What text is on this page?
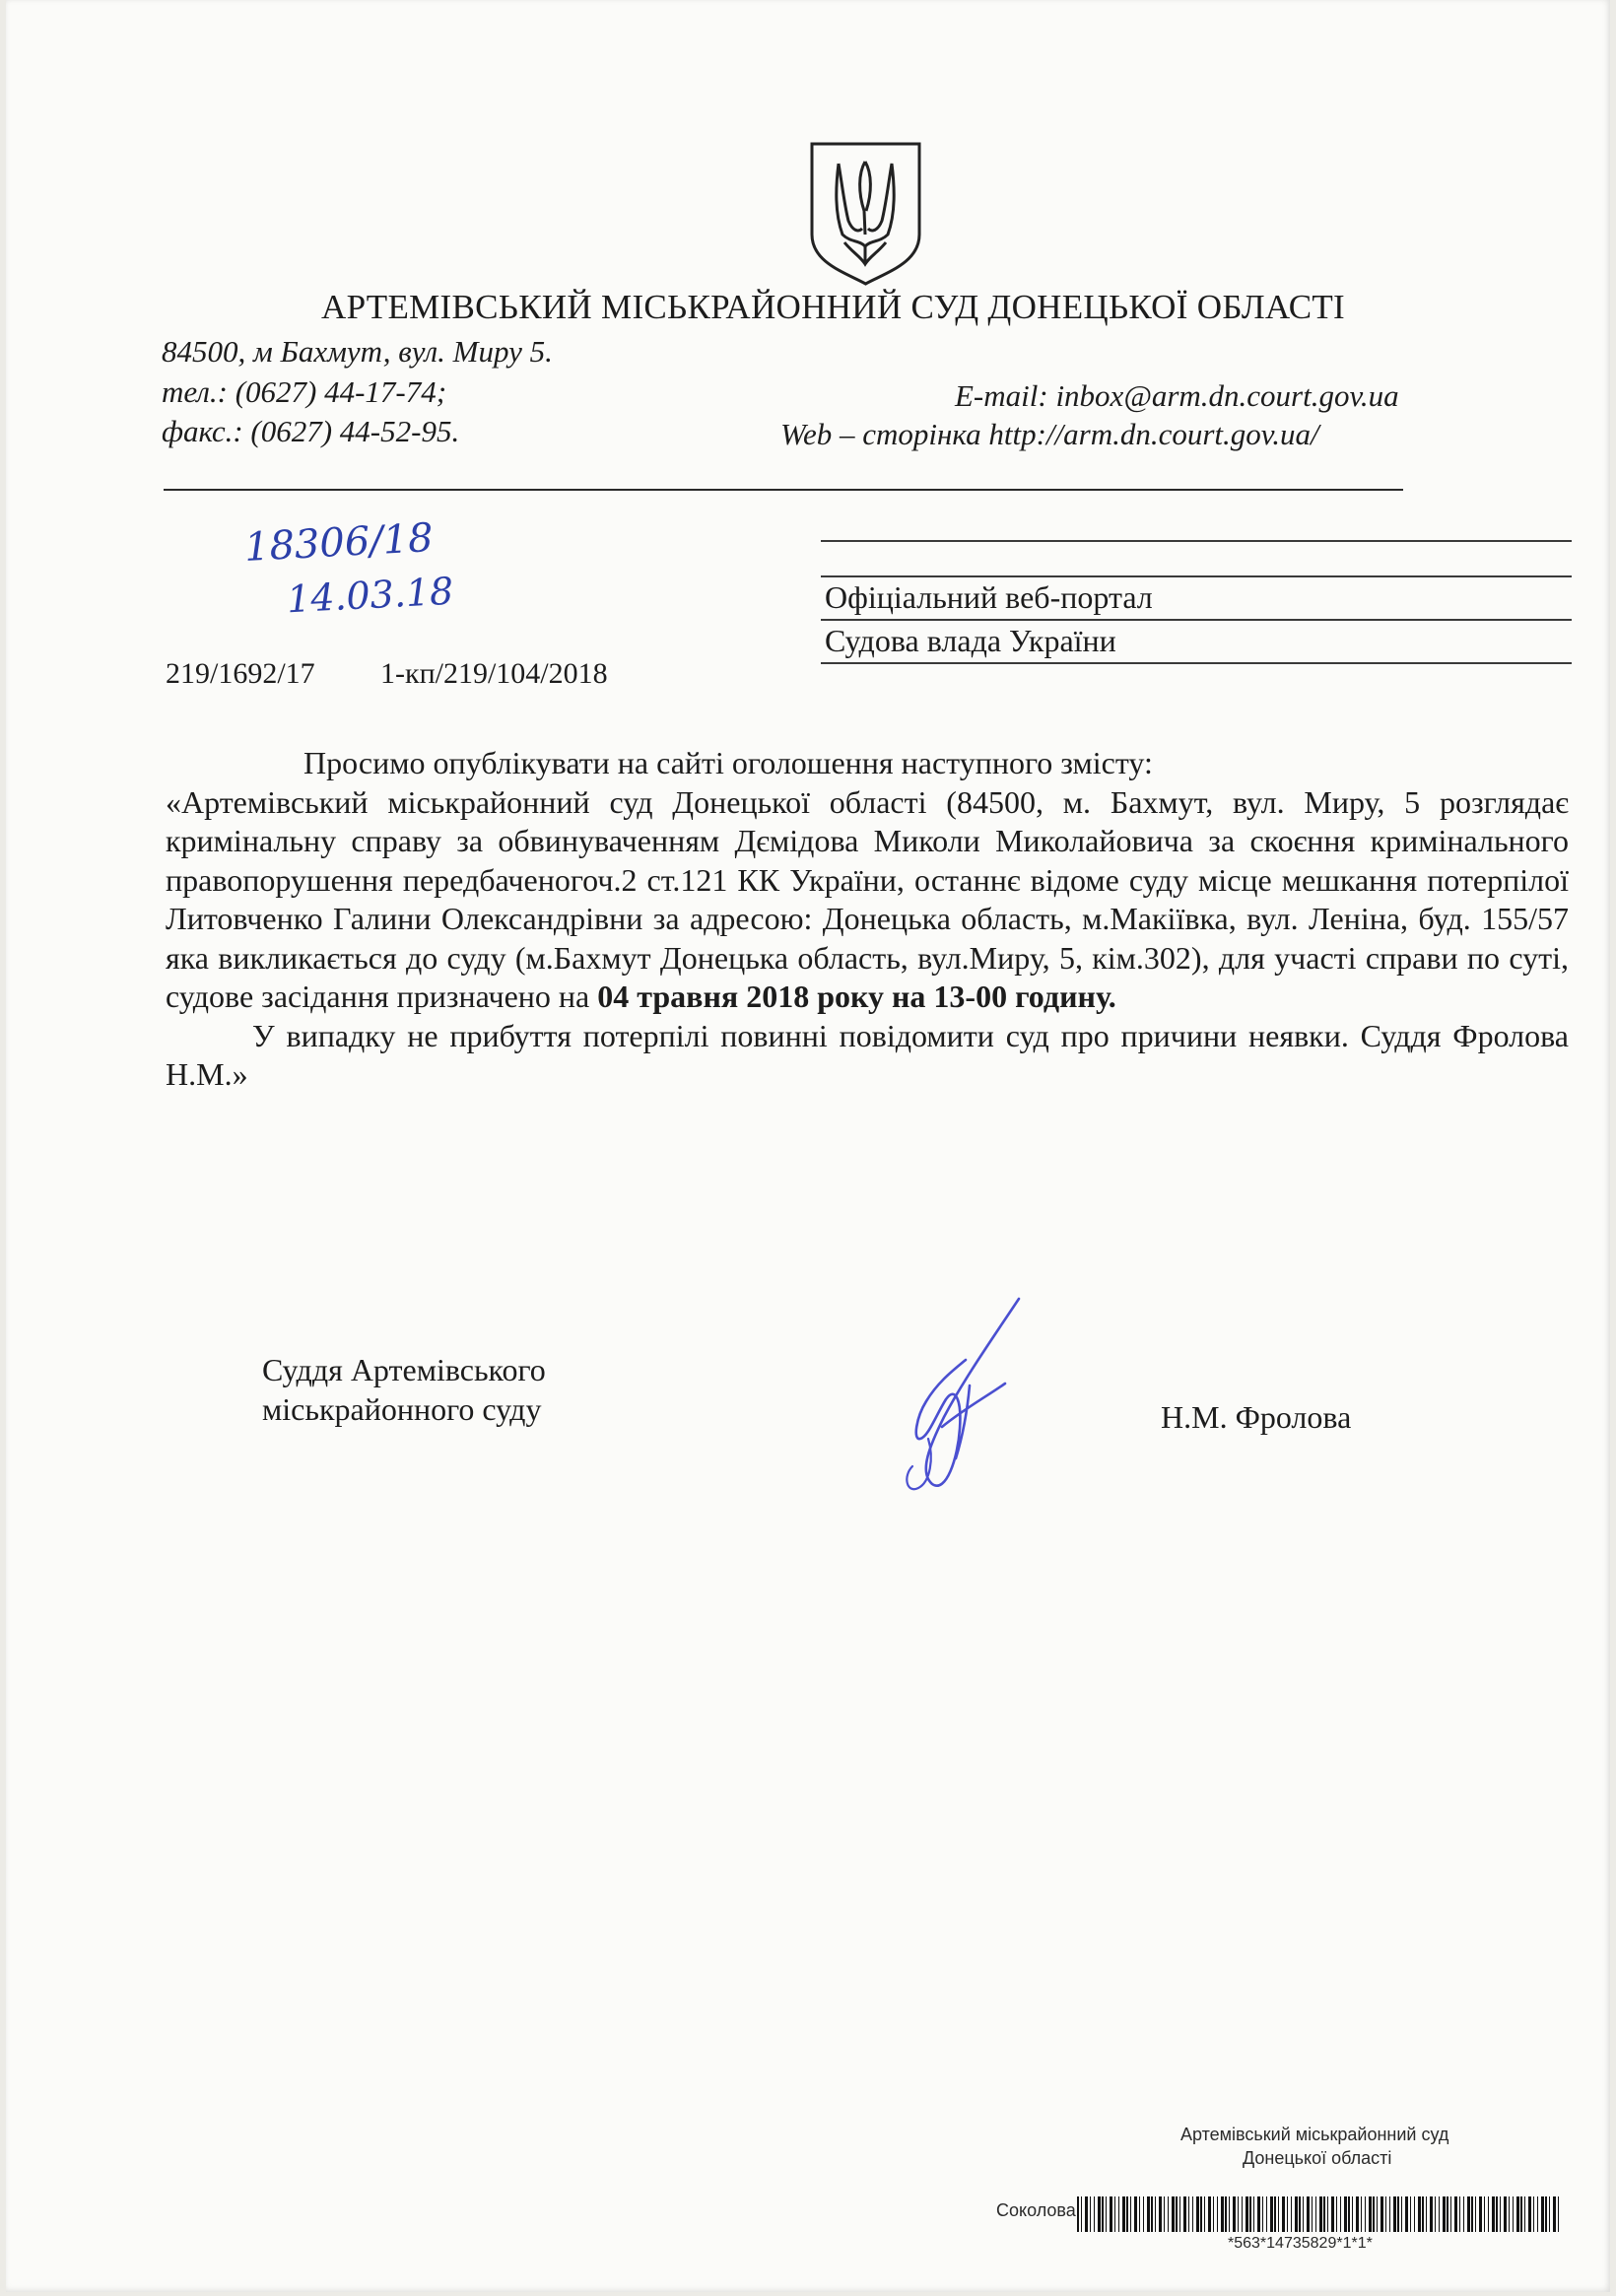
АРТЕМІВСЬКИЙ МІСЬКРАЙОННИЙ СУД ДОНЕЦЬКОЇ ОБЛАСТІ
84500, м Бахмут, вул. Миру 5.
тел.: (0627) 44-17-74;
факс.: (0627) 44-52-95.
E-mail: inbox@arm.dn.court.gov.ua
Web – сторінка http://arm.dn.court.gov.ua/
18306/18
14.03.18	Офіціальний веб-портал
Судова влада України
219/1692/17 1-кп/219/104/2018

Просимо опублікувати на сайті оголошення наступного змісту:

«Артемівський міськрайонний суд Донецької області (84500, м. Бахмут, вул. Миру, 5 розглядає кримінальну справу за обвинуваченням Дємідова Миколи Миколайовича за скоєння кримінального правопорушення передбаченогоч.2 ст.121 КК України, останнє відоме суду місце мешкання потерпілої Литовченко Галини Олександрівни за адресою: Донецька область, м.Макіївка, вул. Леніна, буд. 155/57 яка викликається до суду (м.Бахмут Донецька область, вул.Миру, 5, кім.302), для участі справи по суті, судове засідання призначено на 04 травня 2018 року на 13-00 годину.

У випадку не прибуття потерпілі повинні повідомити суд про причини неявки. Суддя Фролова Н.М.»

Суддя Артемівського
міськрайонного суду	Н.М. Фролова
Артемівський міськрайонний суд
Донецької області
Соколова
*563*14735829*1*1*
